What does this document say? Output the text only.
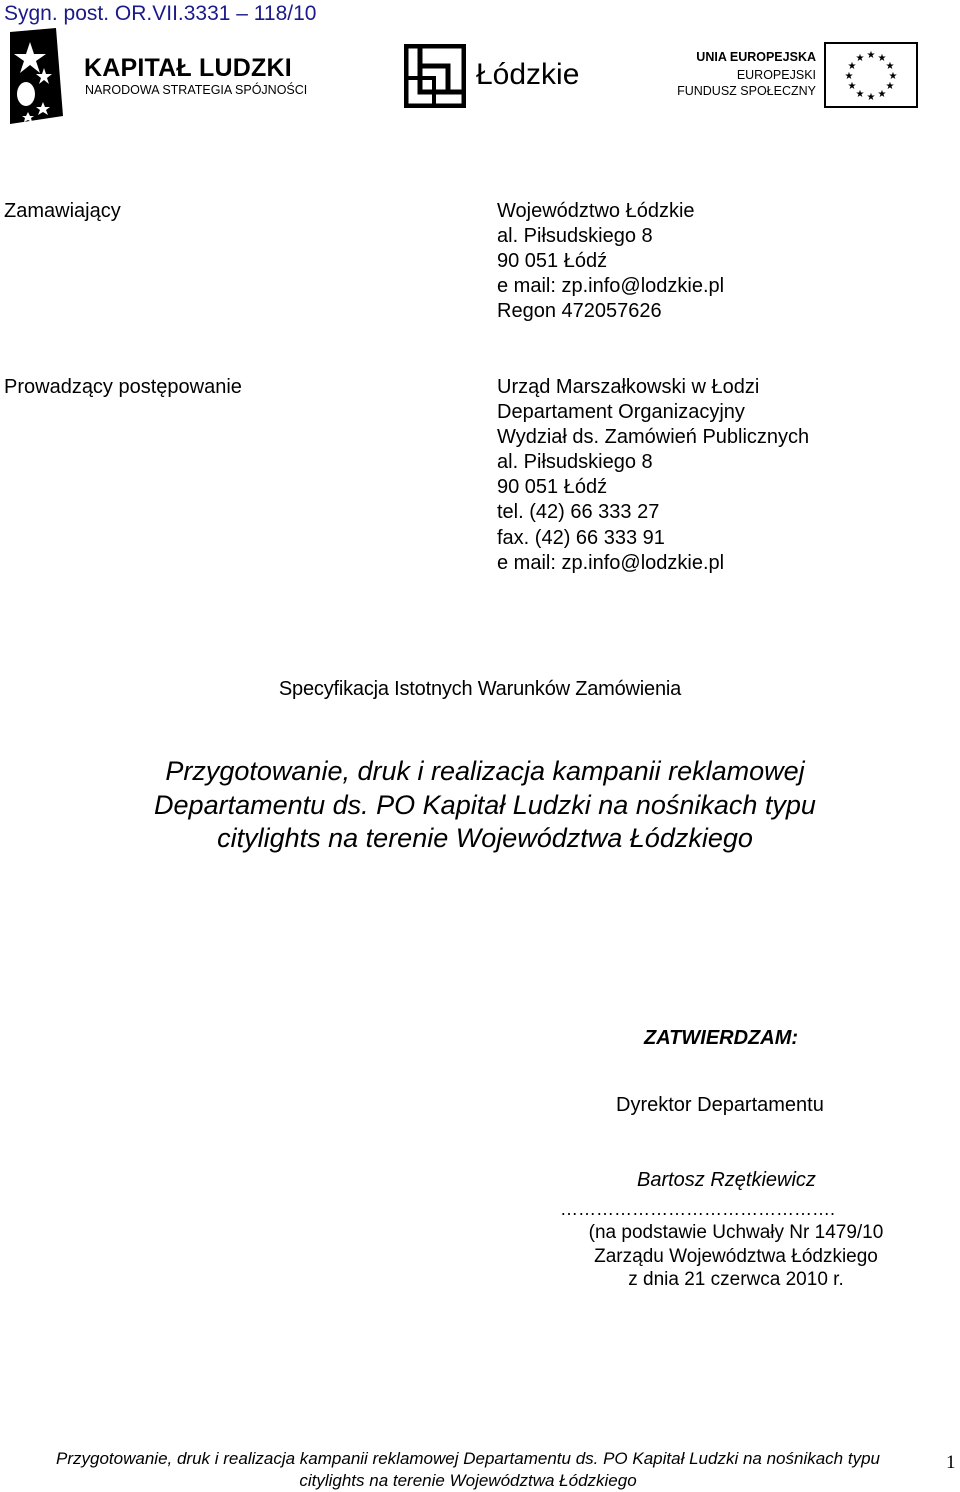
Sygn. post. OR.VII.3331 – 118/10
KAPITAŁ LUDZKI
NARODOWA STRATEGIA SPÓJNOŚCI	Łódzkie
UNIA EUROPEJSKA
EUROPEJSKI
FUNDUSZ SPOŁECZNY
★ ★
★
★
★
★
★
★
★
★
★
★
Zamawiający	Województwo Łódzkie
al. Piłsudskiego 8
90 051 Łódź
e mail: zp.info@lodzkie.pl
Regon 472057626
Prowadzący postępowanie	Urząd Marszałkowski w Łodzi
Departament Organizacyjny
Wydział ds. Zamówień Publicznych
al. Piłsudskiego 8
90 051 Łódź
tel. (42) 66 333 27
fax. (42) 66 333 91
e mail: zp.info@lodzkie.pl
Specyfikacja Istotnych Warunków Zamówienia
Przygotowanie, druk i realizacja kampanii reklamowej
Departamentu ds. PO Kapitał Ludzki na nośnikach typu
citylights na terenie Województwa Łódzkiego
ZATWIERDZAM:
Dyrektor Departamentu
Bartosz Rzętkiewicz
……………………………………….
(na podstawie Uchwały Nr 1479/10
Zarządu Województwa Łódzkiego
z dnia 21 czerwca 2010 r.
Przygotowanie, druk i realizacja kampanii reklamowej Departamentu ds. PO Kapitał Ludzki na nośnikach typu
citylights na terenie Województwa Łódzkiego
1
